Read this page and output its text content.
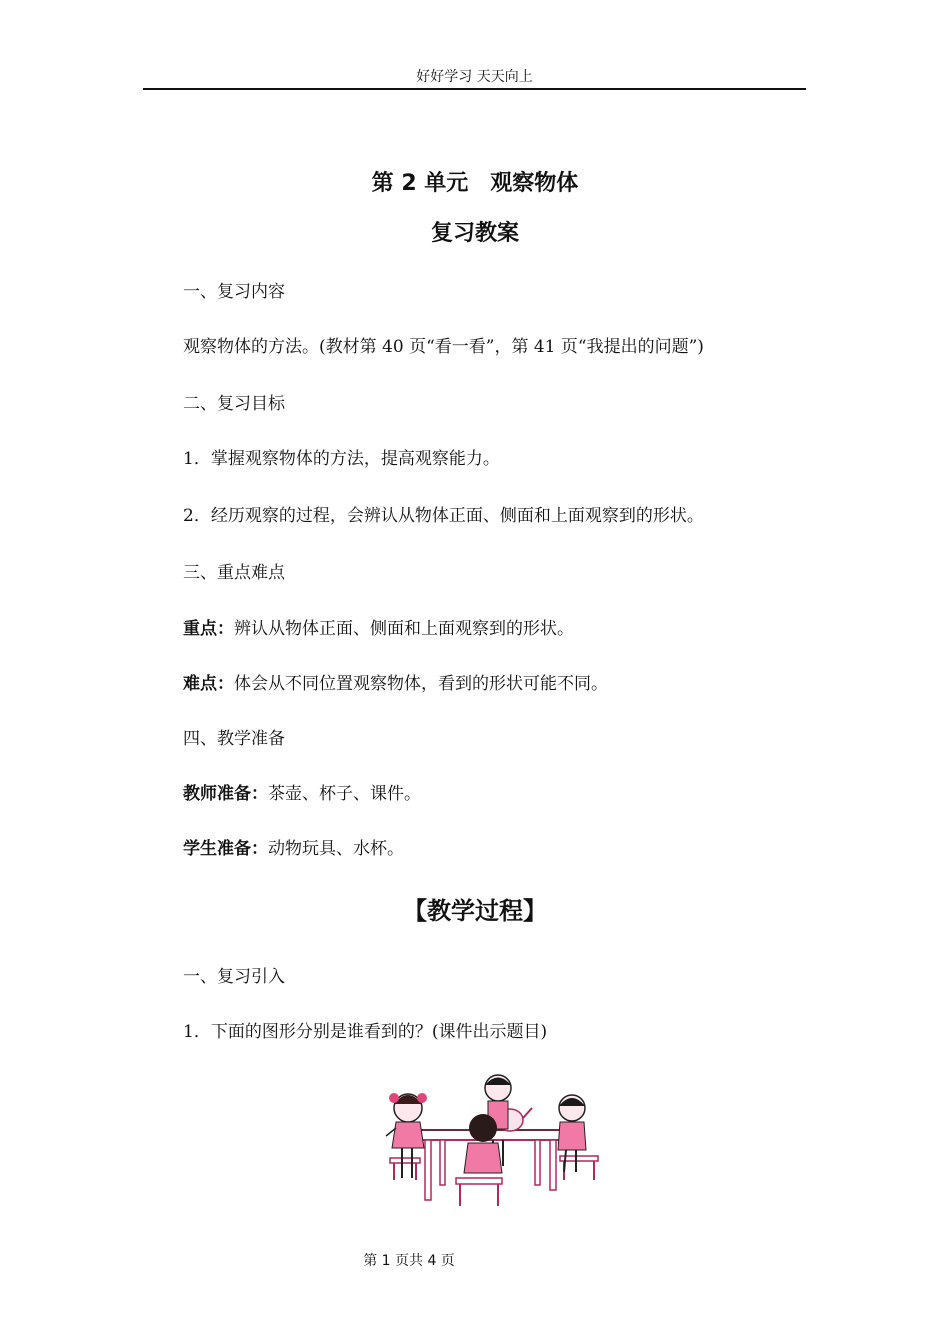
好好学习 天天向上
第 2 单元　观察物体
复习教案
一、复习内容
观察物体的方法。(教材第 40 页“看一看”，第 41 页“我提出的问题”)
二、复习目标
1．掌握观察物体的方法，提高观察能力。
2．经历观察的过程，会辨认从物体正面、侧面和上面观察到的形状。
三、重点难点
重点：辨认从物体正面、侧面和上面观察到的形状。
难点：体会从不同位置观察物体，看到的形状可能不同。
四、教学准备
教师准备：茶壶、杯子、课件。
学生准备：动物玩具、水杯。
【教学过程】
一、复习引入
1．下面的图形分别是谁看到的？(课件出示题目)
第 1 页共 4 页
